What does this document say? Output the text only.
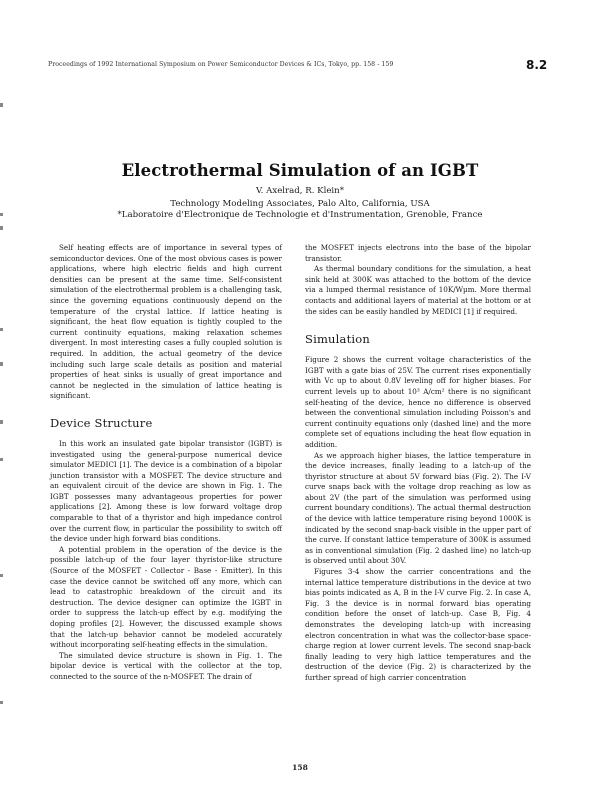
Proceedings of 1992 International Symposium on Power Semiconductor Devices & ICs, Tokyo, pp. 158 - 159	8.2
Electrothermal Simulation of an IGBT
V. Axelrad, R. Klein*
Technology Modeling Associates, Palo Alto, California, USA
*Laboratoire d'Electronique de Technologie et d'Instrumentation, Grenoble, France

Self heating effects are of importance in several types of semiconductor devices. One of the most obvious cases is power applications, where high electric fields and high current densities can be present at the same time. Self-consistent simulation of the electrothermal problem is a challenging task, since the governing equations continuously depend on the temperature of the crystal lattice. If lattice heating is significant, the heat flow equation is tightly coupled to the current continuity equations, making relaxation schemes divergent. In most interesting cases a fully coupled solution is required. In addition, the actual geometry of the device including such large scale details as position and material properties of heat sinks is usually of great importance and cannot be neglected in the simulation of lattice heating is significant.

Device Structure

In this work an insulated gate bipolar transistor (IGBT) is investigated using the general-purpose numerical device simulator MEDICI [1]. The device is a combination of a bipolar junction transistor with a MOSFET. The device structure and an equivalent circuit of the device are shown in Fig. 1. The IGBT possesses many advantageous properties for power applications [2]. Among these is low forward voltage drop comparable to that of a thyristor and high impedance control over the current flow, in particular the possibility to switch off the device under high forward bias conditions.

A potential problem in the operation of the device is the possible latch-up of the four layer thyristor-like structure (Source of the MOSFET - Collector - Base - Emitter). In this case the device cannot be switched off any more, which can lead to catastrophic breakdown of the circuit and its destruction. The device designer can optimize the IGBT in order to suppress the latch-up effect by e.g. modifying the doping profiles [2]. However, the discussed example shows that the latch-up behavior cannot be modeled accurately without incorporating self-heating effects in the simulation.

The simulated device structure is shown in Fig. 1. The bipolar device is vertical with the collector at the top, connected to the source of the n-MOSFET. The drain of

the MOSFET injects electrons into the base of the bipolar transistor.

As thermal boundary conditions for the simulation, a heat sink held at 300K was attached to the bottom of the device via a lumped thermal resistance of 10K/Wµm. More thermal contacts and additional layers of material at the bottom or at the sides can be easily handled by MEDICI [1] if required.

Simulation

Figure 2 shows the current voltage characteristics of the IGBT with a gate bias of 25V. The current rises exponentially with Vc up to about 0.8V leveling off for higher biases. For current levels up to about 10³ A/cm² there is no significant self-heating of the device, hence no difference is observed between the conventional simulation including Poisson's and current continuity equations only (dashed line) and the more complete set of equations including the heat flow equation in addition.

As we approach higher biases, the lattice temperature in the device increases, finally leading to a latch-up of the thyristor structure at about 5V forward bias (Fig. 2). The I-V curve snaps back with the voltage drop reaching as low as about 2V (the part of the simulation was performed using current boundary conditions). The actual thermal destruction of the device with lattice temperature rising beyond 1000K is indicated by the second snap-back visible in the upper part of the curve. If constant lattice temperature of 300K is assumed as in conventional simulation (Fig. 2 dashed line) no latch-up is observed until about 30V.

Figures 3-4 show the carrier concentrations and the internal lattice temperature distributions in the device at two bias points indicated as A, B in the I-V curve Fig. 2. In case A, Fig. 3 the device is in normal forward bias operating condition before the onset of latch-up. Case B, Fig. 4 demonstrates the developing latch-up with increasing electron concentration in what was the collector-base space-charge region at lower current levels. The second snap-back finally leading to very high lattice temperatures and the destruction of the device (Fig. 2) is characterized by the further spread of high carrier concentration

158
